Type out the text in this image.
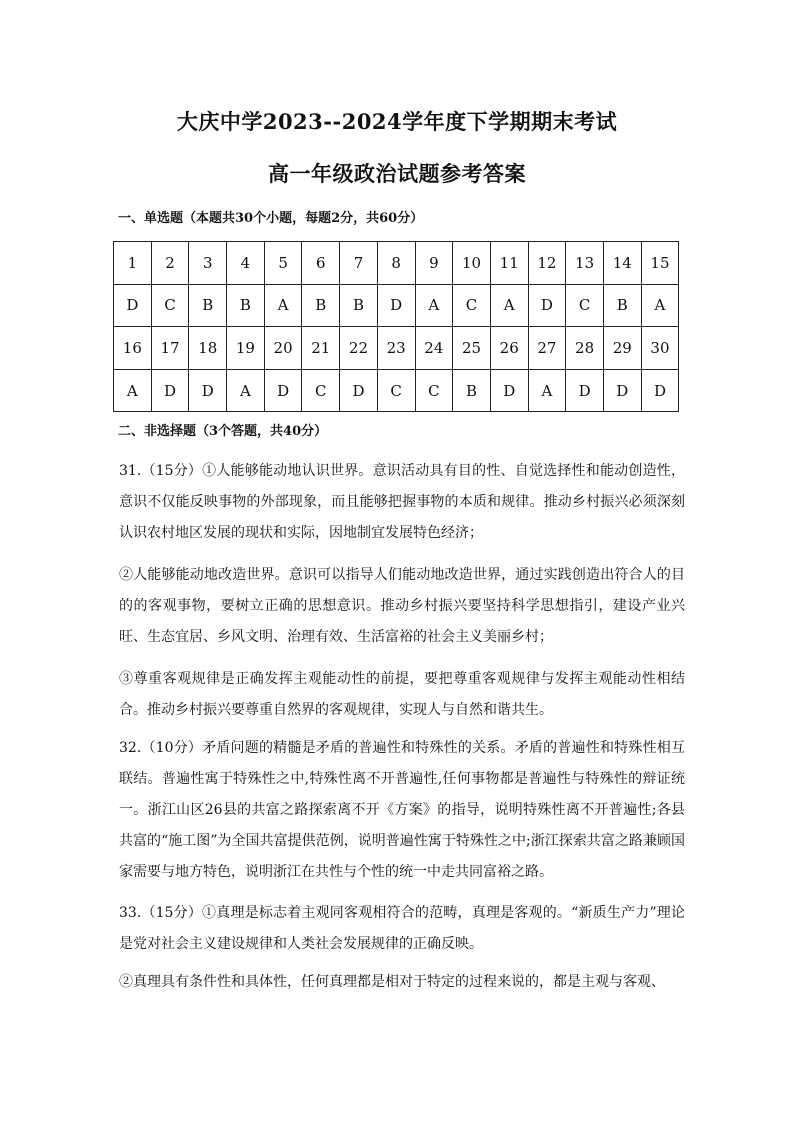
大庆中学2023--2024学年度下学期期末考试
高一年级政治试题参考答案
一、单选题（本题共30个小题，每题2分，共60分）
1	2	3	4	5	6	7	8	9	10	11	12	13	14	15
D	C	B	B	A	B	B	D	A	C	A	D	C	B	A
16	17	18	19	20	21	22	23	24	25	26	27	28	29	30
A	D	D	A	D	C	D	C	C	B	D	A	D	D	D
二、非选择题（3个答题，共40分）
31.（15分）①人能够能动地认识世界。意识活动具有目的性、自觉选择性和能动创造性，意识不仅能反映事物的外部现象，而且能够把握事物的本质和规律。推动乡村振兴必须深刻认识农村地区发展的现状和实际，因地制宜发展特色经济；
②人能够能动地改造世界。意识可以指导人们能动地改造世界，通过实践创造出符合人的目的的客观事物，要树立正确的思想意识。推动乡村振兴要坚持科学思想指引，建设产业兴旺、生态宜居、乡风文明、治理有效、生活富裕的社会主义美丽乡村；
③尊重客观规律是正确发挥主观能动性的前提，要把尊重客观规律与发挥主观能动性相结合。推动乡村振兴要尊重自然界的客观规律，实现人与自然和谐共生。
32.（10分）矛盾问题的精髓是矛盾的普遍性和特殊性的关系。矛盾的普遍性和特殊性相互联结。普遍性寓于特殊性之中,特殊性离不开普遍性,任何事物都是普遍性与特殊性的辩证统一。浙江山区26县的共富之路探索离不开《方案》的指导，说明特殊性离不开普遍性;各县共富的“施工图”为全国共富提供范例，说明普遍性寓于特殊性之中;浙江探索共富之路兼顾国家需要与地方特色，说明浙江在共性与个性的统一中走共同富裕之路。
33.（15分）①真理是标志着主观同客观相符合的范畴，真理是客观的。“新质生产力”理论是党对社会主义建设规律和人类社会发展规律的正确反映。
②真理具有条件性和具体性，任何真理都是相对于特定的过程来说的，都是主观与客观、
